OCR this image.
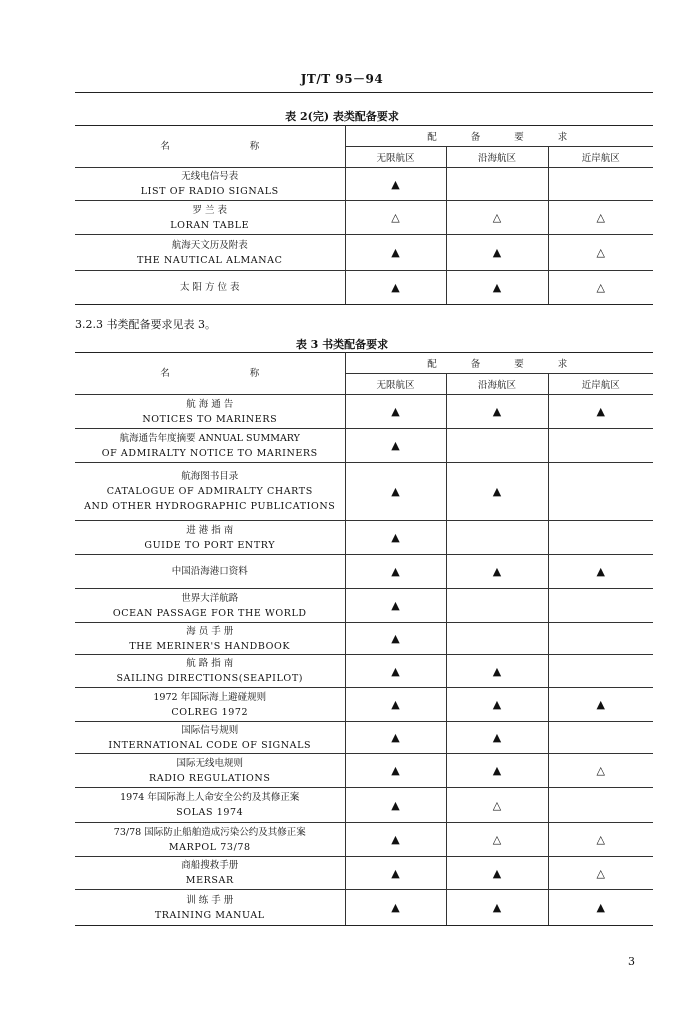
JT/T 95－94
表 2(完) 表类配备要求
名称	配备要求		
	无限航区	沿海航区	近岸航区

无线电信号表
LIST OF RADIO SIGNALS	▲		

罗 兰 表
LORAN TABLE	△	△	△

航海天文历及附表
THE NAUTICAL ALMANAC	▲	▲	△

太 阳 方 位 表	▲	▲	△
3.2.3 书类配备要求见表 3。
表 3 书类配备要求
名称	配备要求		
	无限航区	沿海航区	近岸航区

航 海 通 告
NOTICES TO MARINERS	▲	▲	▲

航海通告年度摘要 ANNUAL SUMMARY
OF ADMIRALTY NOTICE TO MARINERS	▲		

航海图书目录
CATALOGUE OF ADMIRALTY CHARTS
AND OTHER HYDROGRAPHIC PUBLICATIONS	▲	▲	

进 港 指 南
GUIDE TO PORT ENTRY	▲		

中国沿海港口资料	▲	▲	▲

世界大洋航路
OCEAN PASSAGE FOR THE WORLD	▲		

海 员 手 册
THE MERINER'S HANDBOOK	▲		

航 路 指 南
SAILING DIRECTIONS(SEAPILOT)	▲	▲	

1972 年国际海上避碰规则
COLREG 1972	▲	▲	▲

国际信号规则
INTERNATIONAL CODE OF SIGNALS	▲	▲	

国际无线电规则
RADIO REGULATIONS	▲	▲	△

1974 年国际海上人命安全公约及其修正案
SOLAS 1974	▲	△	

73/78 国际防止船舶造成污染公约及其修正案
MARPOL 73/78	▲	△	△

商船搜救手册
MERSAR	▲	▲	△

训 练 手 册
TRAINING MANUAL	▲	▲	▲
3
